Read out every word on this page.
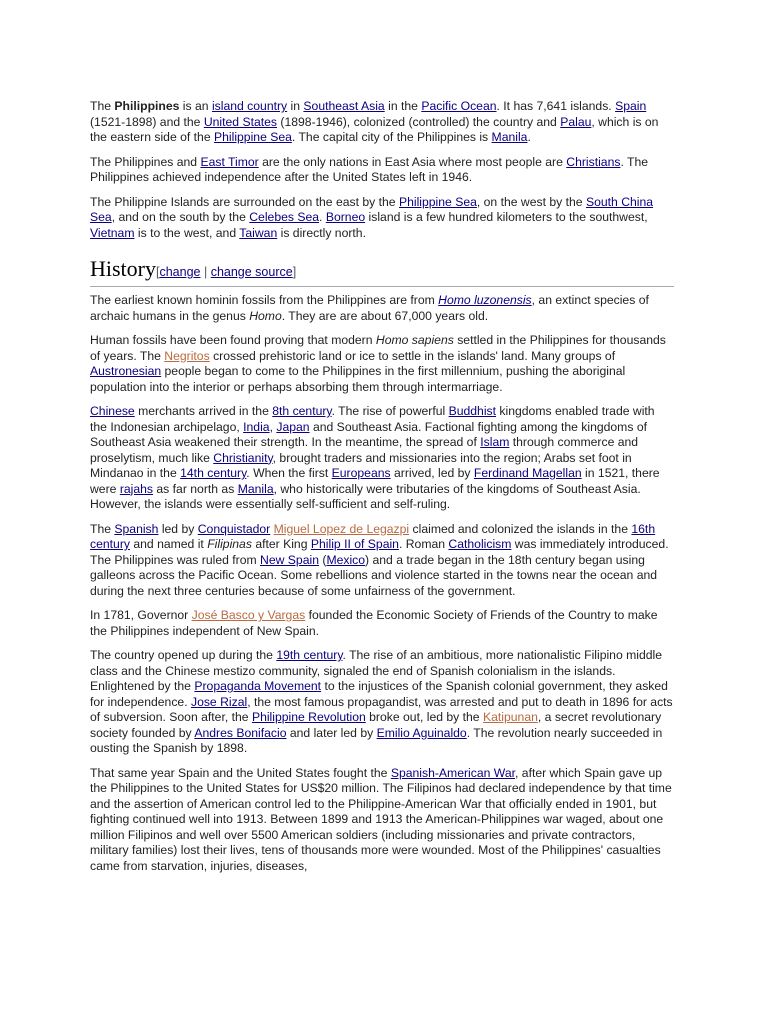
The Philippines is an island country in Southeast Asia in the Pacific Ocean. It has 7,641 islands. Spain (1521-1898) and the United States (1898-1946), colonized (controlled) the country and Palau, which is on the eastern side of the Philippine Sea. The capital city of the Philippines is Manila.

The Philippines and East Timor are the only nations in East Asia where most people are Christians. The Philippines achieved independence after the United States left in 1946.

The Philippine Islands are surrounded on the east by the Philippine Sea, on the west by the South China Sea, and on the south by the Celebes Sea. Borneo island is a few hundred kilometers to the southwest, Vietnam is to the west, and Taiwan is directly north.

History[change | change source]

The earliest known hominin fossils from the Philippines are from Homo luzonensis, an extinct species of archaic humans in the genus Homo. They are are about 67,000 years old.

Human fossils have been found proving that modern Homo sapiens settled in the Philippines for thousands of years. The Negritos crossed prehistoric land or ice to settle in the islands' land. Many groups of Austronesian people began to come to the Philippines in the first millennium, pushing the aboriginal population into the interior or perhaps absorbing them through intermarriage.

Chinese merchants arrived in the 8th century. The rise of powerful Buddhist kingdoms enabled trade with the Indonesian archipelago, India, Japan and Southeast Asia. Factional fighting among the kingdoms of Southeast Asia weakened their strength. In the meantime, the spread of Islam through commerce and proselytism, much like Christianity, brought traders and missionaries into the region; Arabs set foot in Mindanao in the 14th century. When the first Europeans arrived, led by Ferdinand Magellan in 1521, there were rajahs as far north as Manila, who historically were tributaries of the kingdoms of Southeast Asia. However, the islands were essentially self-sufficient and self-ruling.

The Spanish led by Conquistador Miguel Lopez de Legazpi claimed and colonized the islands in the 16th century and named it Filipinas after King Philip II of Spain. Roman Catholicism was immediately introduced. The Philippines was ruled from New Spain (Mexico) and a trade began in the 18th century began using galleons across the Pacific Ocean. Some rebellions and violence started in the towns near the ocean and during the next three centuries because of some unfairness of the government.

In 1781, Governor José Basco y Vargas founded the Economic Society of Friends of the Country to make the Philippines independent of New Spain.

The country opened up during the 19th century. The rise of an ambitious, more nationalistic Filipino middle class and the Chinese mestizo community, signaled the end of Spanish colonialism in the islands. Enlightened by the Propaganda Movement to the injustices of the Spanish colonial government, they asked for independence. Jose Rizal, the most famous propagandist, was arrested and put to death in 1896 for acts of subversion. Soon after, the Philippine Revolution broke out, led by the Katipunan, a secret revolutionary society founded by Andres Bonifacio and later led by Emilio Aguinaldo. The revolution nearly succeeded in ousting the Spanish by 1898.

That same year Spain and the United States fought the Spanish-American War, after which Spain gave up the Philippines to the United States for US$20 million. The Filipinos had declared independence by that time and the assertion of American control led to the Philippine-American War that officially ended in 1901, but fighting continued well into 1913. Between 1899 and 1913 the American-Philippines war waged, about one million Filipinos and well over 5500 American soldiers (including missionaries and private contractors, military families) lost their lives, tens of thousands more were wounded. Most of the Philippines' casualties came from starvation, injuries, diseases,
